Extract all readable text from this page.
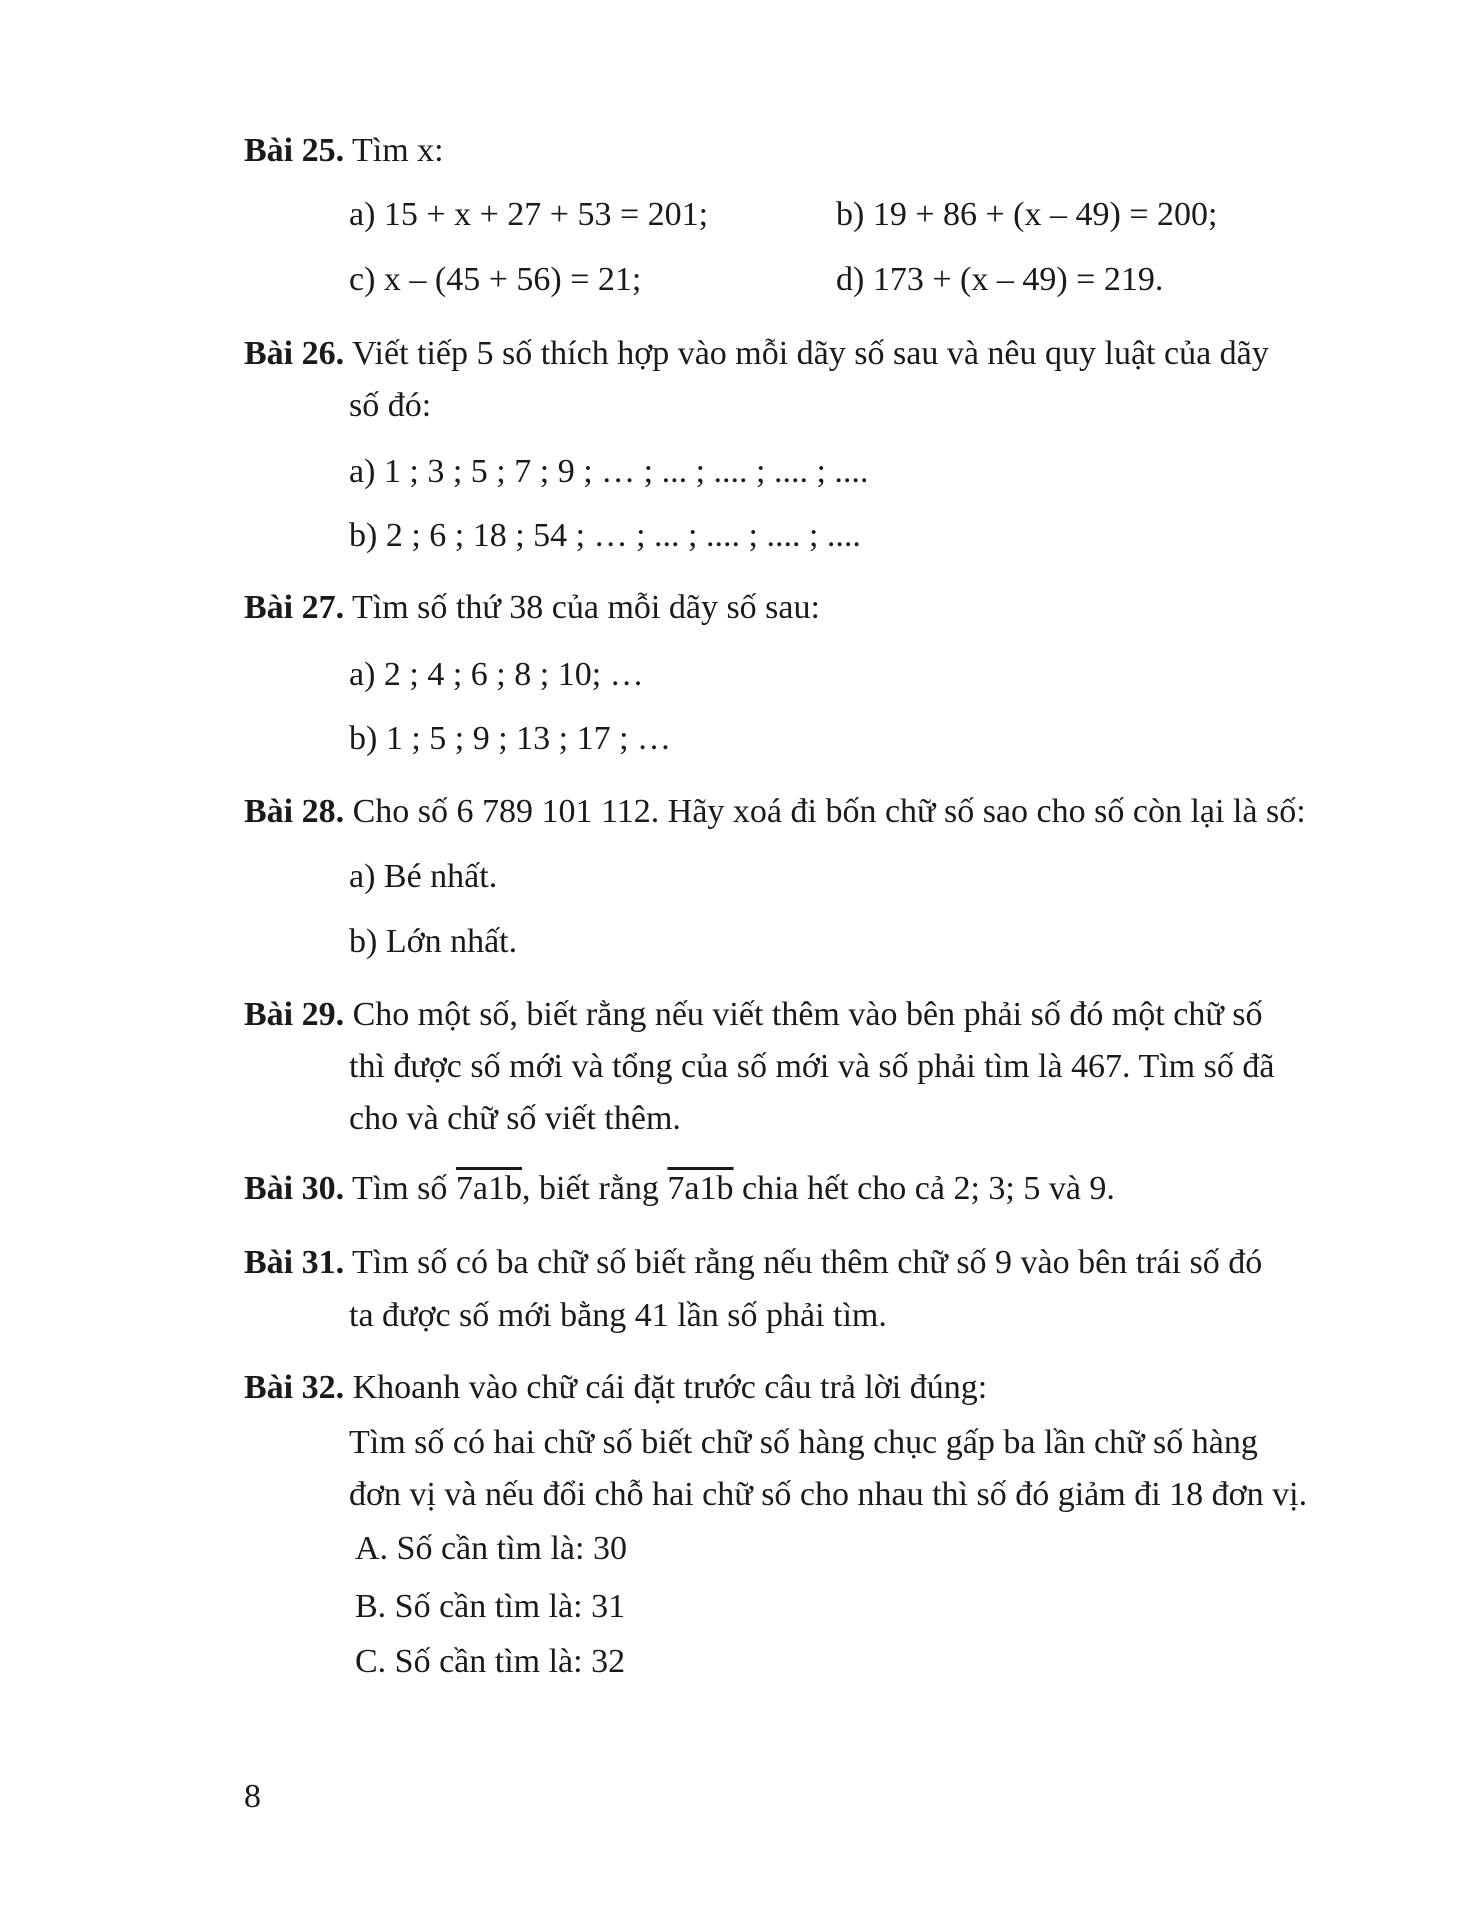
Bài 25. Tìm x:
a) 15 + x + 27 + 53 = 201;	b) 19 + 86 + (x – 49) = 200;
c) x – (45 + 56) = 21;	d) 173 + (x – 49) = 219.
Bài 26. Viết tiếp 5 số thích hợp vào mỗi dãy số sau và nêu quy luật của dãy
số đó:
a) 1 ; 3 ; 5 ; 7 ; 9 ; … ; ... ; .... ; .... ; ....
b) 2 ; 6 ; 18 ; 54 ; … ; ... ; .... ; .... ; ....
Bài 27. Tìm số thứ 38 của mỗi dãy số sau:
a) 2 ; 4 ; 6 ; 8 ; 10; …
b) 1 ; 5 ; 9 ; 13 ; 17 ; …
Bài 28. Cho số 6 789 101 112. Hãy xoá đi bốn chữ số sao cho số còn lại là số:
a) Bé nhất.
b) Lớn nhất.
Bài 29. Cho một số, biết rằng nếu viết thêm vào bên phải số đó một chữ số
thì được số mới và tổng của số mới và số phải tìm là 467. Tìm số đã
cho và chữ số viết thêm.
Bài 30. Tìm số 7a1b, biết rằng 7a1b chia hết cho cả 2; 3; 5 và 9.
Bài 31. Tìm số có ba chữ số biết rằng nếu thêm chữ số 9 vào bên trái số đó
ta được số mới bằng 41 lần số phải tìm.
Bài 32. Khoanh vào chữ cái đặt trước câu trả lời đúng:
Tìm số có hai chữ số biết chữ số hàng chục gấp ba lần chữ số hàng
đơn vị và nếu đổi chỗ hai chữ số cho nhau thì số đó giảm đi 18 đơn vị.
A. Số cần tìm là: 30
B. Số cần tìm là: 31
C. Số cần tìm là: 32
8
